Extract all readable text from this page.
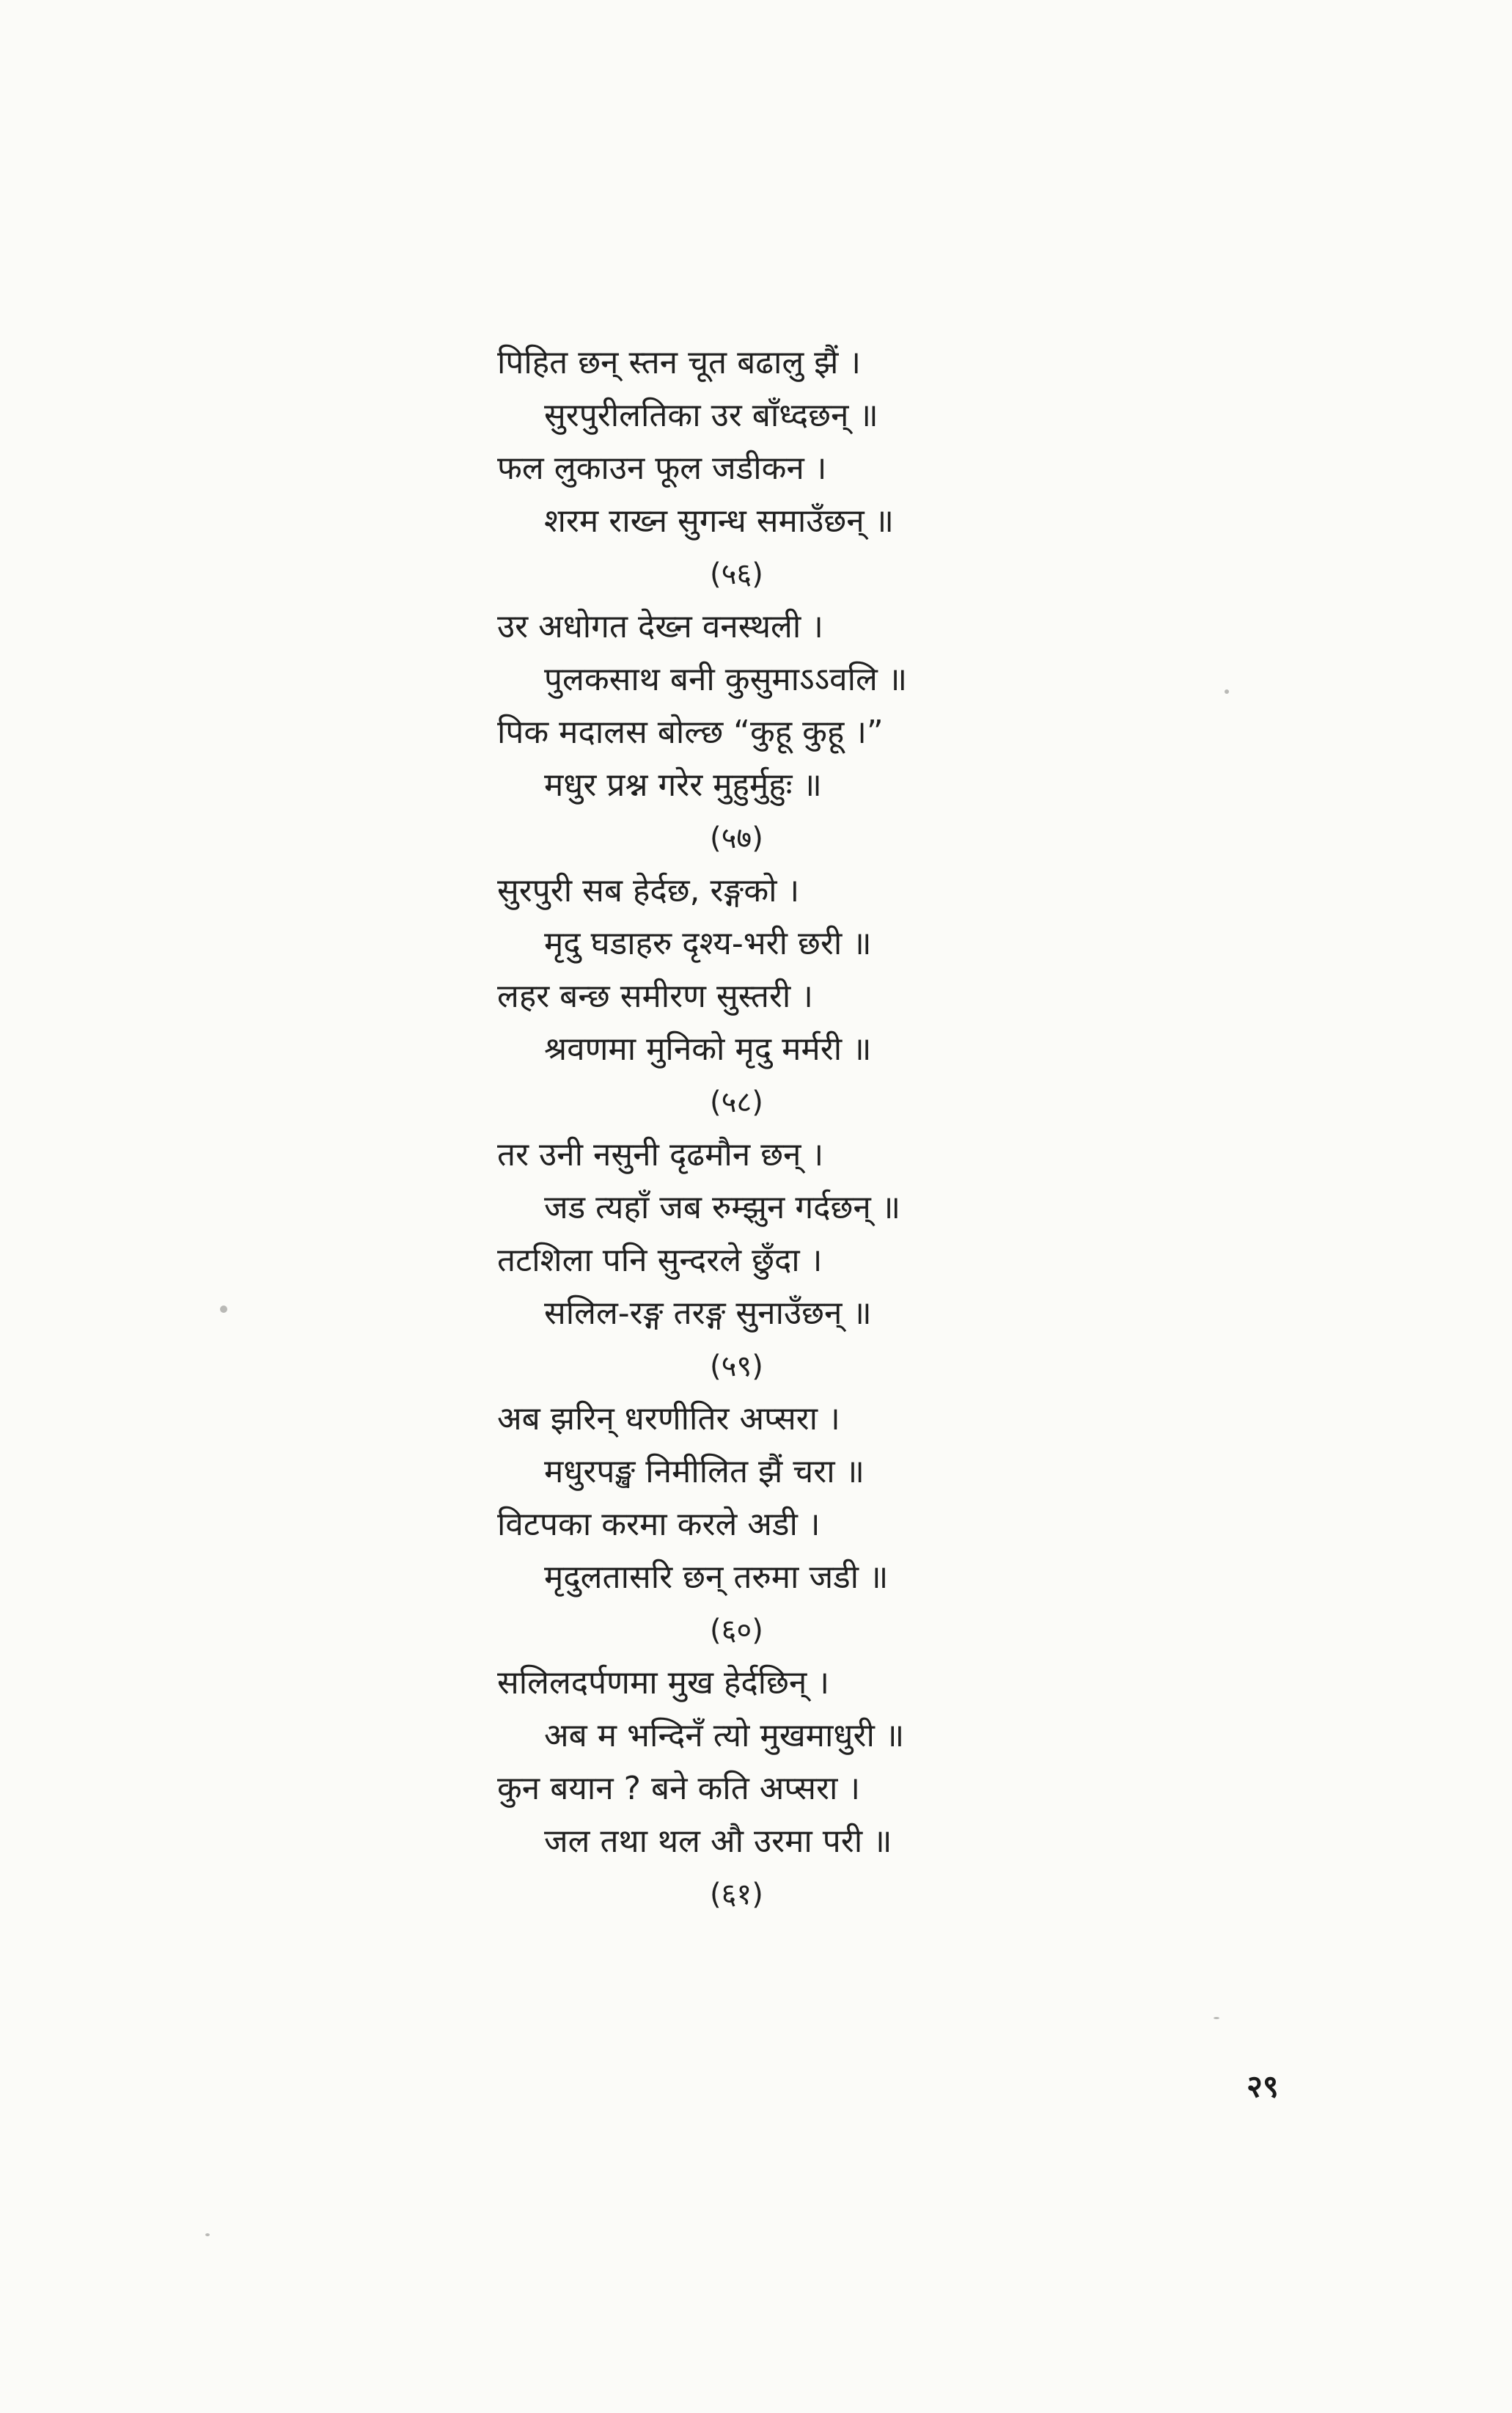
पिहित छन् स्तन चूत बढालु झैं ।
सुरपुरीलतिका उर बाँध्दछन् ॥
फल लुकाउन फूल जडीकन ।
शरम राख्न सुगन्ध समाउँछन् ॥
(५६)
उर अधोगत देख्न वनस्थली ।
पुलकसाथ बनी कुसुमाऽऽवलि ॥
पिक मदालस बोल्छ “कुहू कुहू ।”
मधुर प्रश्न गरेर मुहुर्मुहुः ॥
(५७)
सुरपुरी सब हेर्दछ, रङ्गको ।
मृदु घडाहरु दृश्य-भरी छरी ॥
लहर बन्छ समीरण सुस्तरी ।
श्रवणमा मुनिको मृदु मर्मरी ॥
(५८)
तर उनी नसुनी दृढमौन छन् ।
जड त्यहाँ जब रुम्झुन गर्दछन् ॥
तटशिला पनि सुन्दरले छुँदा ।
सलिल-रङ्ग तरङ्ग सुनाउँछन् ॥
(५९)
अब झरिन् धरणीतिर अप्सरा ।
मधुरपङ्ख निमीलित झैं चरा ॥
विटपका करमा करले अडी ।
मृदुलतासरि छन् तरुमा जडी ॥
(६०)
सलिलदर्पणमा मुख हेर्दछिन् ।
अब म भन्दिनँ त्यो मुखमाधुरी ॥
कुन बयान ? बने कति अप्सरा ।
जल तथा थल औ उरमा परी ॥
(६१)
२९
